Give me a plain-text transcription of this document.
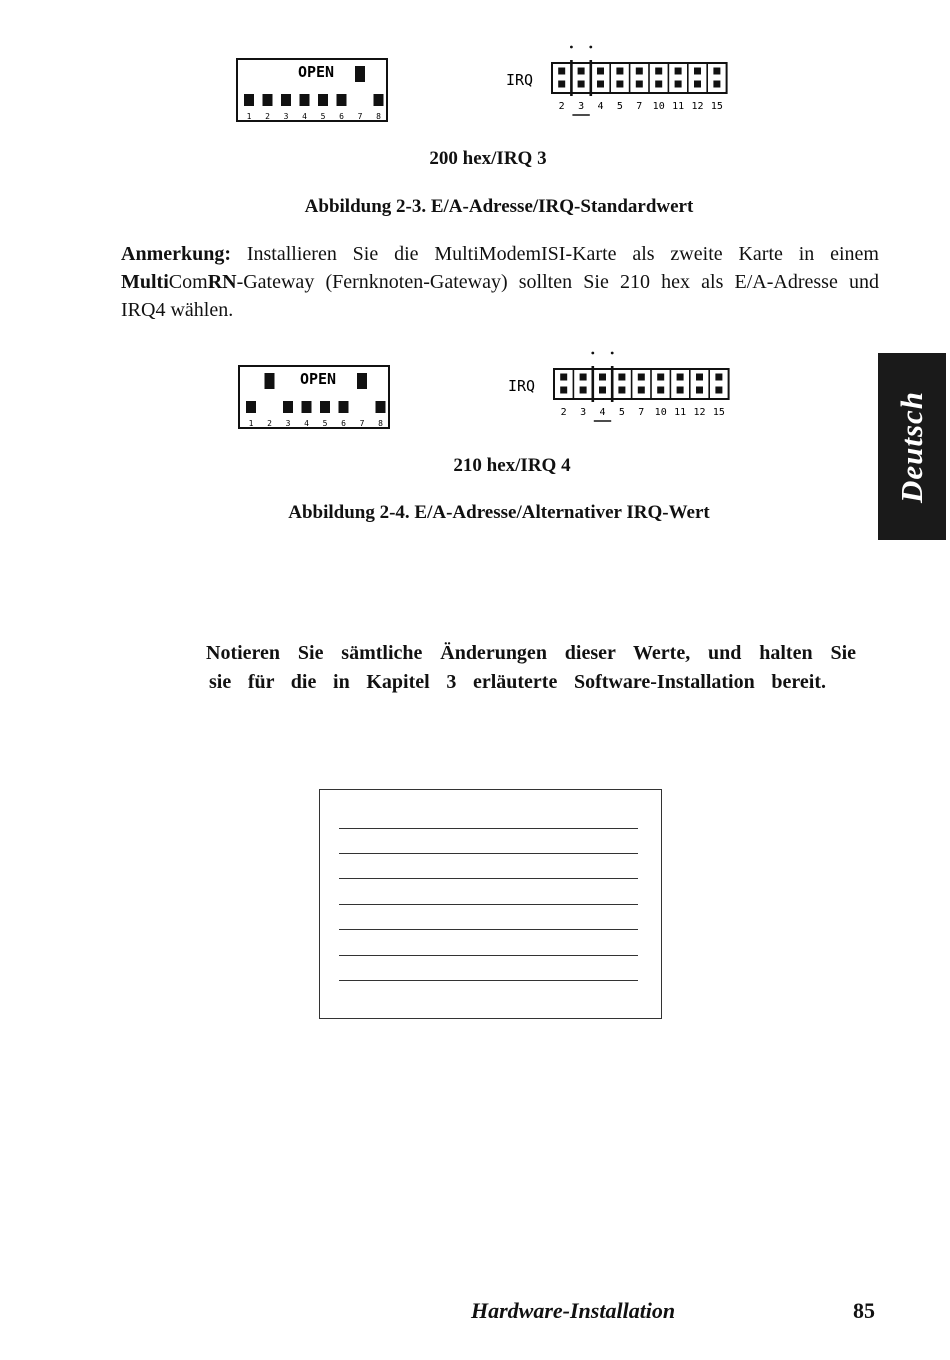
OPEN
1 2 3 4 5 6 7 8
IRQ
2 3 4 5 7 10 11 12 15
200 hex/IRQ 3
Abbildung 2-3. E/A-Adresse/IRQ-Standardwert
Anmerkung: Installieren Sie die MultiModemISI-Karte als zweite Karte in einem MultiComRN-Gateway (Fernknoten-Gateway) sollten Sie 210 hex als E/A-Adresse und IRQ4 wählen.
OPEN
1 2 3 4 5 6 7 8
IRQ
2 3 4 5 7 10 11 12 15
210 hex/IRQ 4
Abbildung 2-4. E/A-Adresse/Alternativer IRQ-Wert
Notieren Sie sämtliche Änderungen dieser Werte, und halten Sie
sie für die in Kapitel 3 erläuterte Software-Installation bereit.
Deutsch
Hardware-Installation	85
